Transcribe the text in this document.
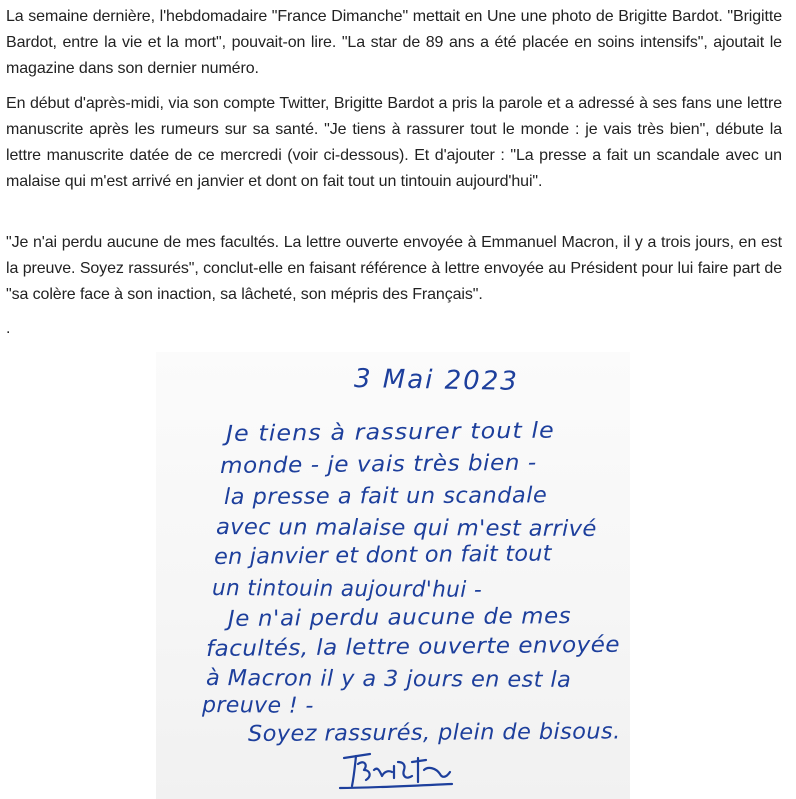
La semaine dernière, l'hebdomadaire "France Dimanche" mettait en Une une photo de Brigitte Bardot. "Brigitte Bardot, entre la vie et la mort", pouvait-on lire. "La star de 89 ans a été placée en soins intensifs", ajoutait le magazine dans son dernier numéro.

En début d'après-midi, via son compte Twitter, Brigitte Bardot a pris la parole et a adressé à ses fans une lettre manuscrite après les rumeurs sur sa santé. "Je tiens à rassurer tout le monde : je vais très bien", débute la lettre manuscrite datée de ce mercredi (voir ci-dessous). Et d'ajouter : "La presse a fait un scandale avec un malaise qui m'est arrivé en janvier et dont on fait tout un tintouin aujourd'hui".

"Je n'ai perdu aucune de mes facultés. La lettre ouverte envoyée à Emmanuel Macron, il y a trois jours, en est la preuve. Soyez rassurés", conclut-elle en faisant référence à lettre envoyée au Président pour lui faire part de "sa colère face à son inaction, sa lâcheté, son mépris des Français".

.
3 Mai 2023
Je tiens à rassurer tout le
monde - je vais très bien -
la presse a fait un scandale
avec un malaise qui m'est arrivé
en janvier et dont on fait tout
un tintouin aujourd'hui -
Je n'ai perdu aucune de mes
facultés, la lettre ouverte envoyée
à Macron il y a 3 jours en est la
preuve ! -
Soyez rassurés, plein de bisous.
